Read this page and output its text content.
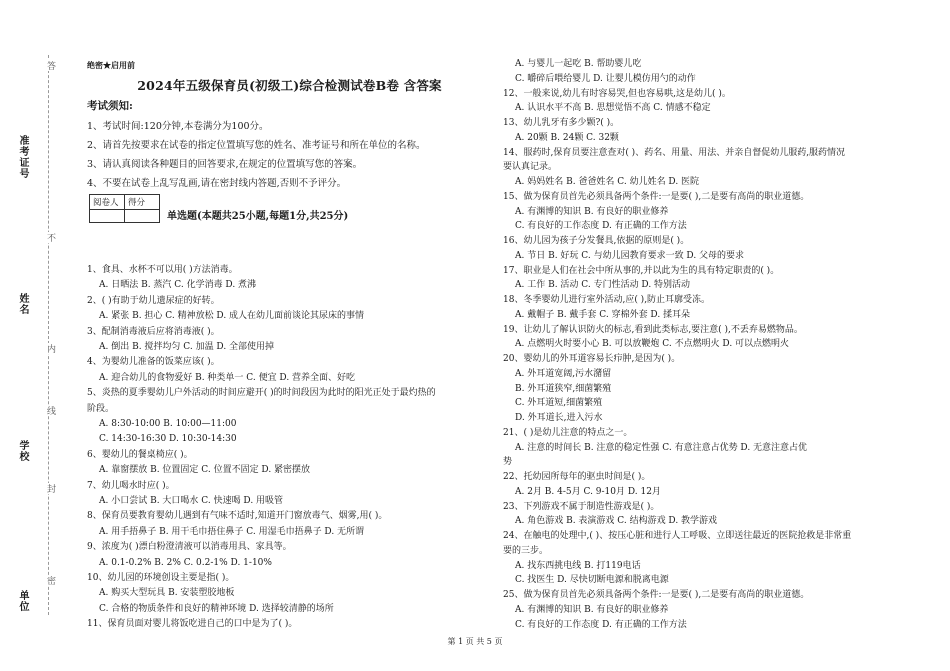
准考证号
姓名
学校
单位
答
不
内
线
封
密
绝密★启用前
2024年五级保育员(初级工)综合检测试卷B卷 含答案
考试须知:
1、考试时间:120分钟,本卷满分为100分。
2、请首先按要求在试卷的指定位置填写您的姓名、准考证号和所在单位的名称。
3、请认真阅读各种题目的回答要求,在规定的位置填写您的答案。
4、不要在试卷上乱写乱画,请在密封线内答题,否则不予评分。
阅卷人	得分

单选题(本题共25小题,每题1分,共25分)
1、食具、水杯不可以用( )方法消毒。
A. 日晒法 B. 蒸汽 C. 化学消毒 D. 煮沸
2、( )有助于幼儿遗尿症的好转。
A. 紧张 B. 担心 C. 精神放松 D. 成人在幼儿面前谈论其尿床的事情
3、配制消毒液后应将消毒液( )。
A. 倒出 B. 搅拌均匀 C. 加温 D. 全部使用掉
4、为婴幼儿准备的饭菜应该( )。
A. 迎合幼儿的食物爱好 B. 种类单一 C. 便宜 D. 营养全面、好吃
5、炎热的夏季婴幼儿户外活动的时间应避开( )的时间段因为此时的阳光正处于最灼热的
阶段。
A. 8:30-10:00 B. 10:00—11:00
C. 14:30-16:30 D. 10:30-14:30
6、婴幼儿的餐桌椅应( )。
A. 靠窗摆放 B. 位置固定 C. 位置不固定 D. 紧密摆放
7、幼儿喝水时应( )。
A. 小口尝试 B. 大口喝水 C. 快速喝 D. 用吸管
8、保育员要教育婴幼儿遇到有气味不适时,知道开门窗放毒气、烟雾,用( )。
A. 用手捂鼻子 B. 用干毛巾捂住鼻子 C. 用湿毛巾捂鼻子 D. 无所谓
9、浓度为( )漂白粉澄清液可以消毒用具、家具等。
A. 0.1-0.2% B. 2% C. 0.2-1% D. 1-10%
10、幼儿园的环境创设主要是指( )。
A. 购买大型玩具 B. 安装塑胶地板
C. 合格的物质条件和良好的精神环境 D. 选择较清静的场所
11、保育员面对婴儿将饭吃进自己的口中是为了( )。
A. 与婴儿一起吃 B. 帮助婴儿吃
C. 嚼碎后喂给婴儿 D. 让婴儿模仿用勺的动作
12、一般来说,幼儿有时容易哭,但也容易哄,这是幼儿( )。
A. 认识水平不高 B. 思想觉悟不高 C. 情感不稳定
13、幼儿乳牙有多少颗?( )。
A. 20颗 B. 24颗 C. 32颗
14、服药时,保育员要注意查对( )、药名、用量、用法、并亲自督促幼儿服药,服药情况
要认真记录。
A. 妈妈姓名 B. 爸爸姓名 C. 幼儿姓名 D. 医院
15、做为保育员首先必须具备两个条件:一是要( ),二是要有高尚的职业道德。
A. 有渊博的知识 B. 有良好的职业修养
C. 有良好的工作态度 D. 有正确的工作方法
16、幼儿园为孩子分发餐具,依据的原则是( )。
A. 节日 B. 好玩 C. 与幼儿园教育要求一致 D. 父母的要求
17、职业是人们在社会中所从事的,并以此为生的具有特定职责的( )。
A. 工作 B. 活动 C. 专门性活动 D. 特别活动
18、冬季婴幼儿进行室外活动,应( ),防止耳廓受冻。
A. 戴帽子 B. 戴手套 C. 穿棉外套 D. 揉耳朵
19、让幼儿了解认识防火的标志,看到此类标志,要注意( ),不丢弃易燃物品。
A. 点燃明火时要小心 B. 可以放鞭炮 C. 不点燃明火 D. 可以点燃明火
20、婴幼儿的外耳道容易长疖肿,是因为( )。
A. 外耳道宽阔,污水潴留
B. 外耳道狭窄,细菌繁殖
C. 外耳道短,细菌繁殖
D. 外耳道长,进入污水
21、( )是幼儿注意的特点之一。
A. 注意的时间长 B. 注意的稳定性强 C. 有意注意占优势 D. 无意注意占优
势
22、托幼园所每年的驱虫时间是( )。
A. 2月 B. 4-5月 C. 9-10月 D. 12月
23、下列游戏不属于制造性游戏是( )。
A. 角色游戏 B. 表演游戏 C. 结构游戏 D. 教学游戏
24、在触电的处理中,( )、按压心脏和进行人工呼吸、立即送往最近的医院抢救是非常重
要的三步。
A. 找东西挑电线 B. 打119电话
C. 找医生 D. 尽快切断电源和脱离电源
25、做为保育员首先必须具备两个条件:一是要( ),二是要有高尚的职业道德。
A. 有渊博的知识 B. 有良好的职业修养
C. 有良好的工作态度 D. 有正确的工作方法
第 1 页 共 5 页
